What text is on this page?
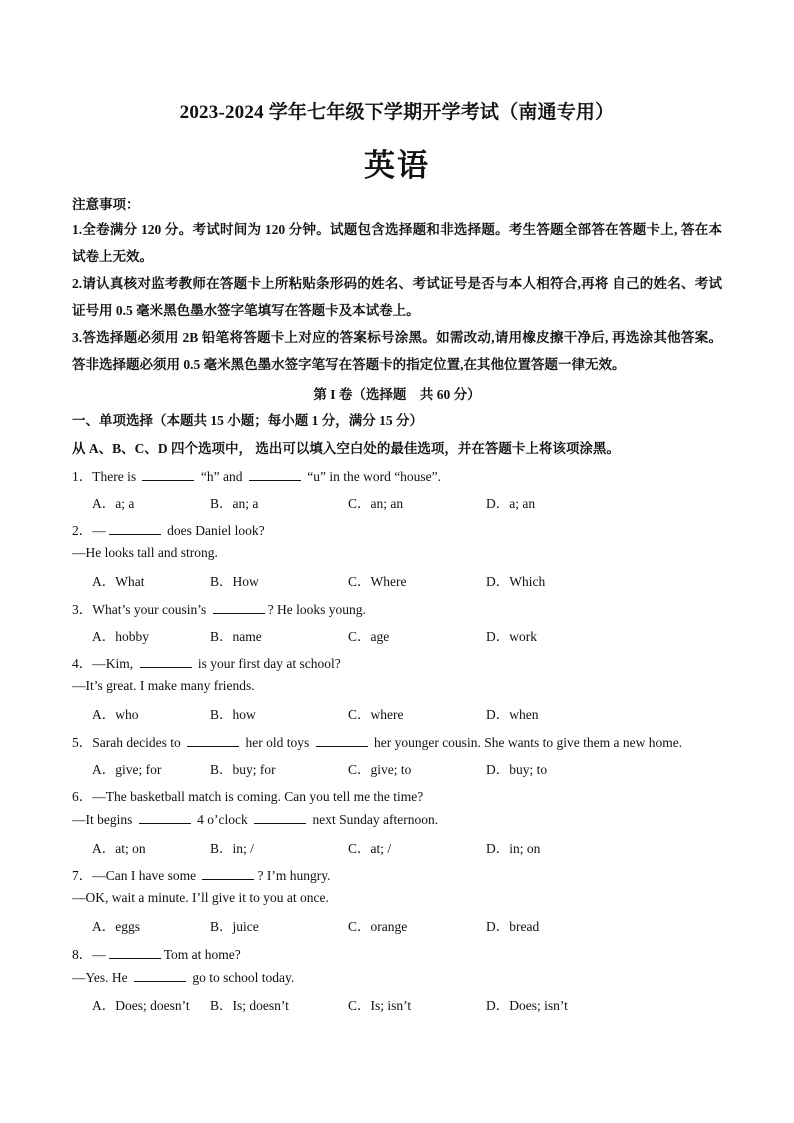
2023-2024 学年七年级下学期开学考试（南通专用）
英语
注意事项：
1.全卷满分 120 分。考试时间为 120 分钟。试题包含选择题和非选择题。考生答题全部答在答题卡上, 答在本试卷上无效。
2.请认真核对监考教师在答题卡上所粘贴条形码的姓名、考试证号是否与本人相符合,再将 自己的姓名、考试证号用 0.5 毫米黑色墨水签字笔填写在答题卡及本试卷上。
3.答选择题必须用 2B 铅笔将答题卡上对应的答案标号涂黑。如需改动,请用橡皮擦干净后, 再选涂其他答案。答非选择题必须用 0.5 毫米黑色墨水签字笔写在答题卡的指定位置,在其他位置答题一律无效。
第 I 卷（选择题　共 60 分）
一、单项选择（本题共 15 小题；每小题 1 分，满分 15 分）
从 A、B、C、D 四个选项中， 选出可以填入空白处的最佳选项，并在答题卡上将该项涂黑。
1．There is	“h” and	“u” in the word “house”.
A．a; a	B．an; a	C．an; an	D．a; an
2．—	does Daniel look?
—He looks tall and strong.
A．What	B．How	C．Where	D．Which
3．What’s your cousin’s	? He looks young.
A．hobby	B．name	C．age	D．work
4．—Kim,	is your first day at school?
—It’s great. I make many friends.
A．who	B．how	C．where	D．when
5．Sarah decides to	her old toys	her younger cousin. She wants to give them a new home.
A．give; for	B．buy; for	C．give; to	D．buy; to
6．—The basketball match is coming. Can you tell me the time?
—It begins	4 o’clock	next Sunday afternoon.
A．at; on	B．in; /	C．at; /	D．in; on
7．—Can I have some	? I’m hungry.
—OK, wait a minute. I’ll give it to you at once.
A．eggs	B．juice	C．orange	D．bread
8．—	Tom at home?
—Yes. He	go to school today.
A．Does; doesn’t B．Is; doesn’t	C．Is; isn’t	D．Does; isn’t
